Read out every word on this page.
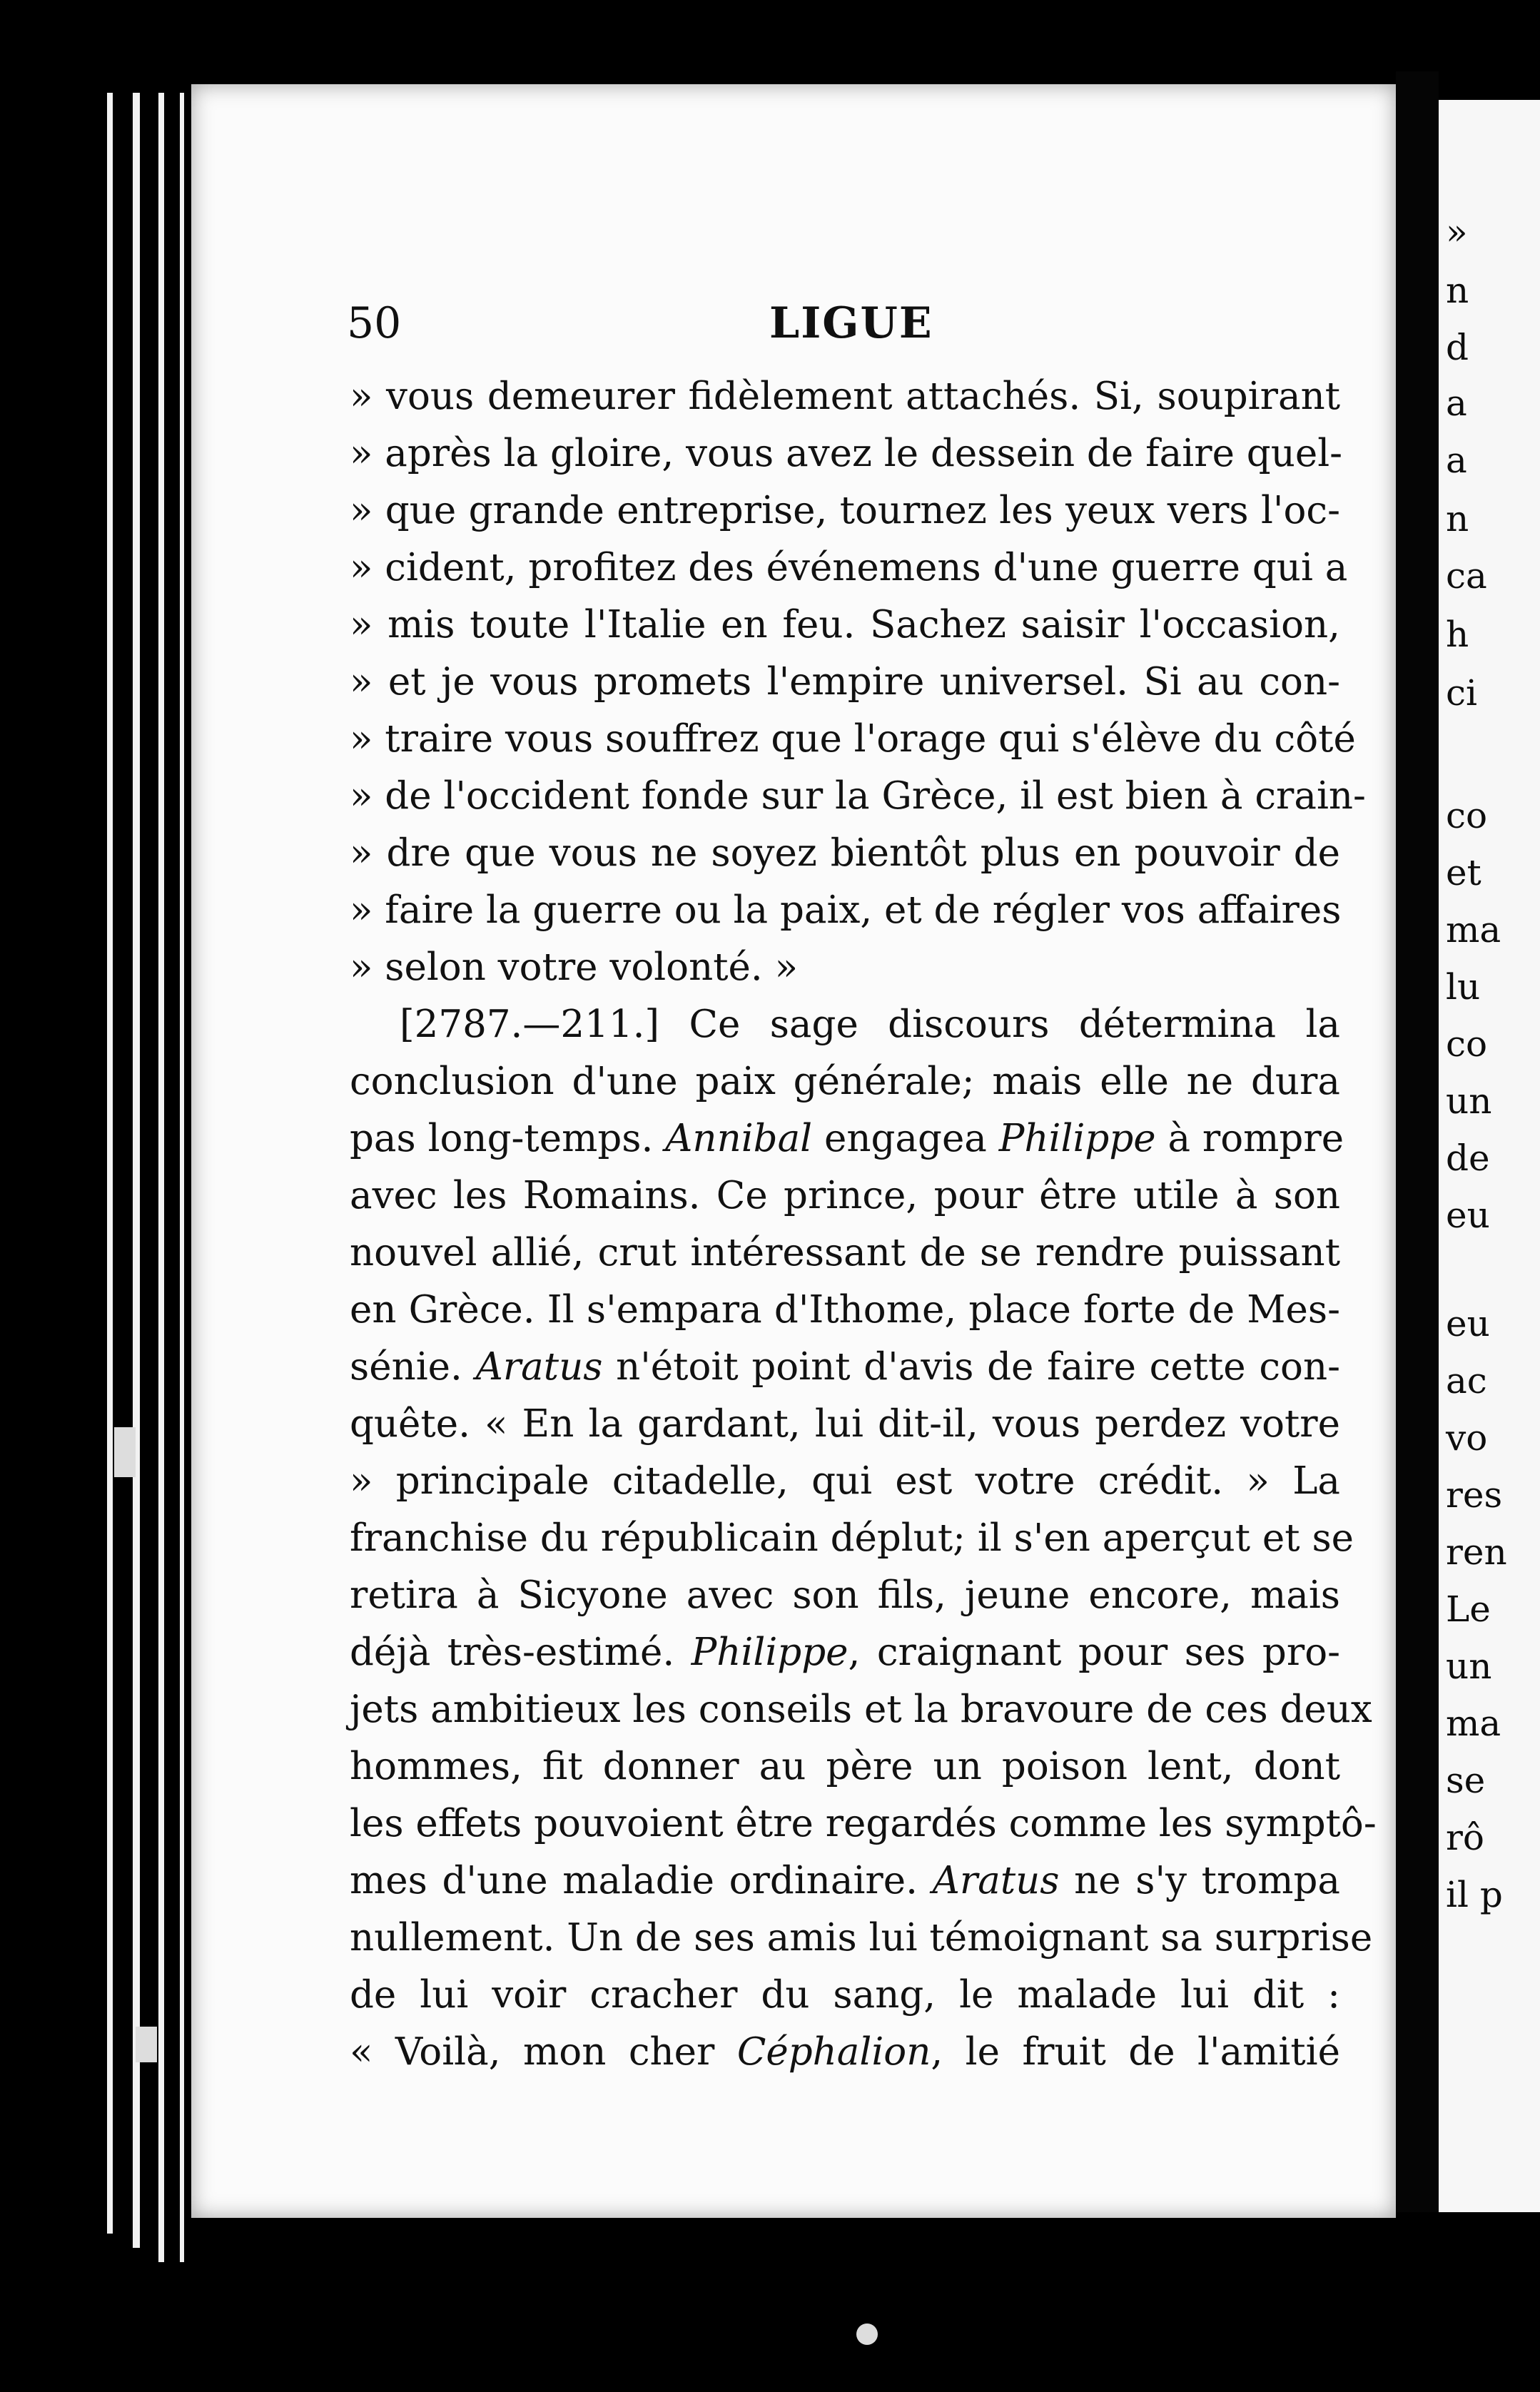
50	LIGUE
» vous demeurer fidèlement attachés. Si, soupirant
» après la gloire, vous avez le dessein de faire quel-
» que grande entreprise, tournez les yeux vers l'oc-
» cident, profitez des événemens d'une guerre qui a
» mis toute l'Italie en feu. Sachez saisir l'occasion,
» et je vous promets l'empire universel. Si au con-
» traire vous souffrez que l'orage qui s'élève du côté
» de l'occident fonde sur la Grèce, il est bien à crain-
» dre que vous ne soyez bientôt plus en pouvoir de
» faire la guerre ou la paix, et de régler vos affaires
» selon votre volonté. »
[2787.—211.] Ce sage discours détermina la
conclusion d'une paix générale; mais elle ne dura
pas long-temps. Annibal engagea Philippe à rompre
avec les Romains. Ce prince, pour être utile à son
nouvel allié, crut intéressant de se rendre puissant
en Grèce. Il s'empara d'Ithome, place forte de Mes-
sénie. Aratus n'étoit point d'avis de faire cette con-
quête. « En la gardant, lui dit-il, vous perdez votre
» principale citadelle, qui est votre crédit. » La
franchise du républicain déplut; il s'en aperçut et se
retira à Sicyone avec son fils, jeune encore, mais
déjà très-estimé. Philippe, craignant pour ses pro-
jets ambitieux les conseils et la bravoure de ces deux
hommes, fit donner au père un poison lent, dont
les effets pouvoient être regardés comme les symptô-
mes d'une maladie ordinaire. Aratus ne s'y trompa
nullement. Un de ses amis lui témoignant sa surprise
de lui voir cracher du sang, le malade lui dit :
« Voilà, mon cher Céphalion, le fruit de l'amitié
»
n
d
a
a
n
ca
h
ci
co
et
ma
lu
co
un
de
eu
eu
ac
vo
res
ren
Le
un
ma
se
rô
il p
